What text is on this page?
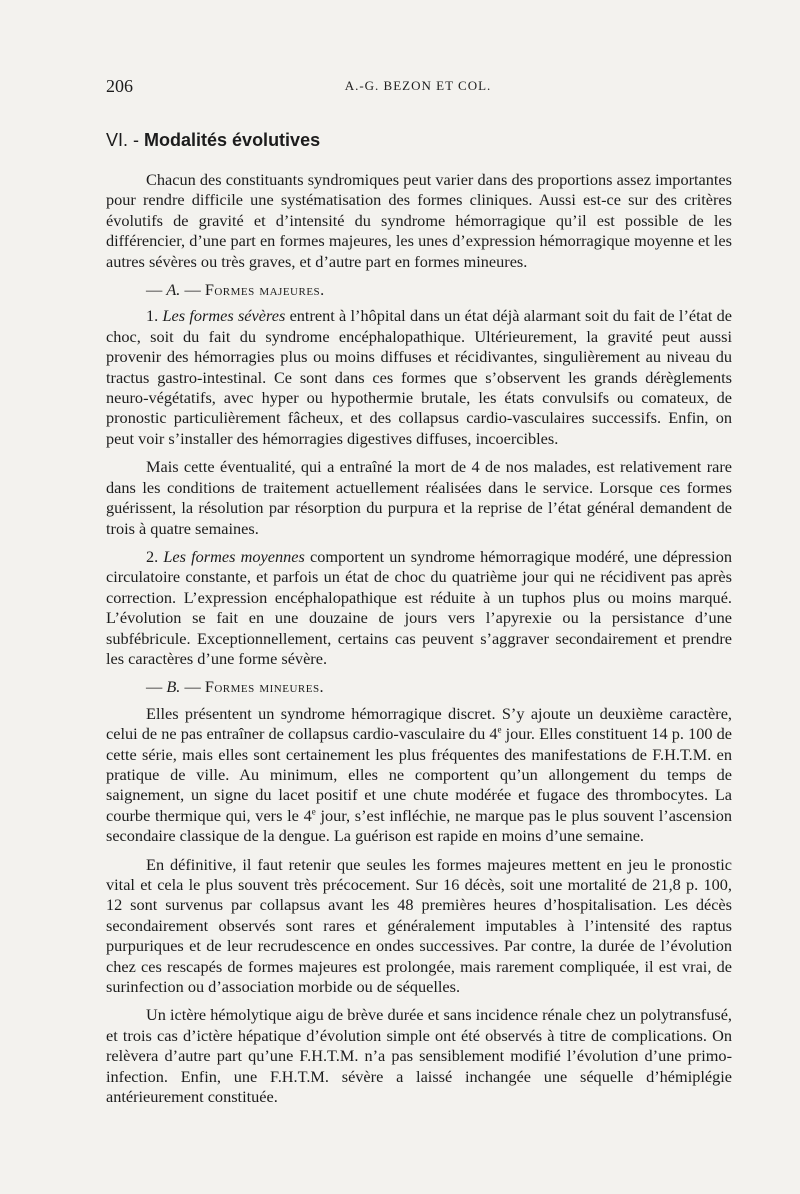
206	A.-G. BEZON ET COL.
VI. - Modalités évolutives

Chacun des constituants syndromiques peut varier dans des proportions assez importantes pour rendre difficile une systématisation des formes cliniques. Aussi est-ce sur des critères évolutifs de gravité et d’intensité du syndrome hémorragique qu’il est possible de les différencier, d’une part en formes majeures, les unes d’expression hémorragique moyenne et les autres sévères ou très graves, et d’autre part en formes mineures.

— A. — Formes majeures.

1. Les formes sévères entrent à l’hôpital dans un état déjà alarmant soit du fait de l’état de choc, soit du fait du syndrome encéphalopathique. Ultérieurement, la gravité peut aussi provenir des hémorragies plus ou moins diffuses et récidivantes, singulièrement au niveau du tractus gastro-intestinal. Ce sont dans ces formes que s’observent les grands dérèglements neuro-végétatifs, avec hyper ou hypothermie brutale, les états convulsifs ou comateux, de pronostic particulièrement fâcheux, et des collapsus cardio-vasculaires successifs. Enfin, on peut voir s’installer des hémorragies digestives diffuses, incoercibles.

Mais cette éventualité, qui a entraîné la mort de 4 de nos malades, est relativement rare dans les conditions de traitement actuellement réalisées dans le service. Lorsque ces formes guérissent, la résolution par résorption du purpura et la reprise de l’état général demandent de trois à quatre semaines.

2. Les formes moyennes comportent un syndrome hémorragique modéré, une dépression circulatoire constante, et parfois un état de choc du quatrième jour qui ne récidivent pas après correction. L’expression encéphalopathique est réduite à un tuphos plus ou moins marqué. L’évolution se fait en une douzaine de jours vers l’apyrexie ou la persistance d’une subfébricule. Exceptionnellement, certains cas peuvent s’aggraver secondairement et prendre les caractères d’une forme sévère.

— B. — Formes mineures.

Elles présentent un syndrome hémorragique discret. S’y ajoute un deuxième caractère, celui de ne pas entraîner de collapsus cardio-vasculaire du 4e jour. Elles constituent 14 p. 100 de cette série, mais elles sont certainement les plus fréquentes des manifestations de F.H.T.M. en pratique de ville. Au minimum, elles ne comportent qu’un allongement du temps de saignement, un signe du lacet positif et une chute modérée et fugace des thrombocytes. La courbe thermique qui, vers le 4e jour, s’est infléchie, ne marque pas le plus souvent l’ascension secondaire classique de la dengue. La guérison est rapide en moins d’une semaine.

En définitive, il faut retenir que seules les formes majeures mettent en jeu le pronostic vital et cela le plus souvent très précocement. Sur 16 décès, soit une mortalité de 21,8 p. 100, 12 sont survenus par collapsus avant les 48 premières heures d’hospitalisation. Les décès secondairement observés sont rares et généralement imputables à l’intensité des raptus purpuriques et de leur recrudescence en ondes successives. Par contre, la durée de l’évolution chez ces rescapés de formes majeures est prolongée, mais rarement compliquée, il est vrai, de surinfection ou d’association morbide ou de séquelles.

Un ictère hémolytique aigu de brève durée et sans incidence rénale chez un polytransfusé, et trois cas d’ictère hépatique d’évolution simple ont été observés à titre de complications. On relèvera d’autre part qu’une F.H.T.M. n’a pas sensiblement modifié l’évolution d’une primo-infection. Enfin, une F.H.T.M. sévère a laissé inchangée une séquelle d’hémiplégie antérieurement constituée.
